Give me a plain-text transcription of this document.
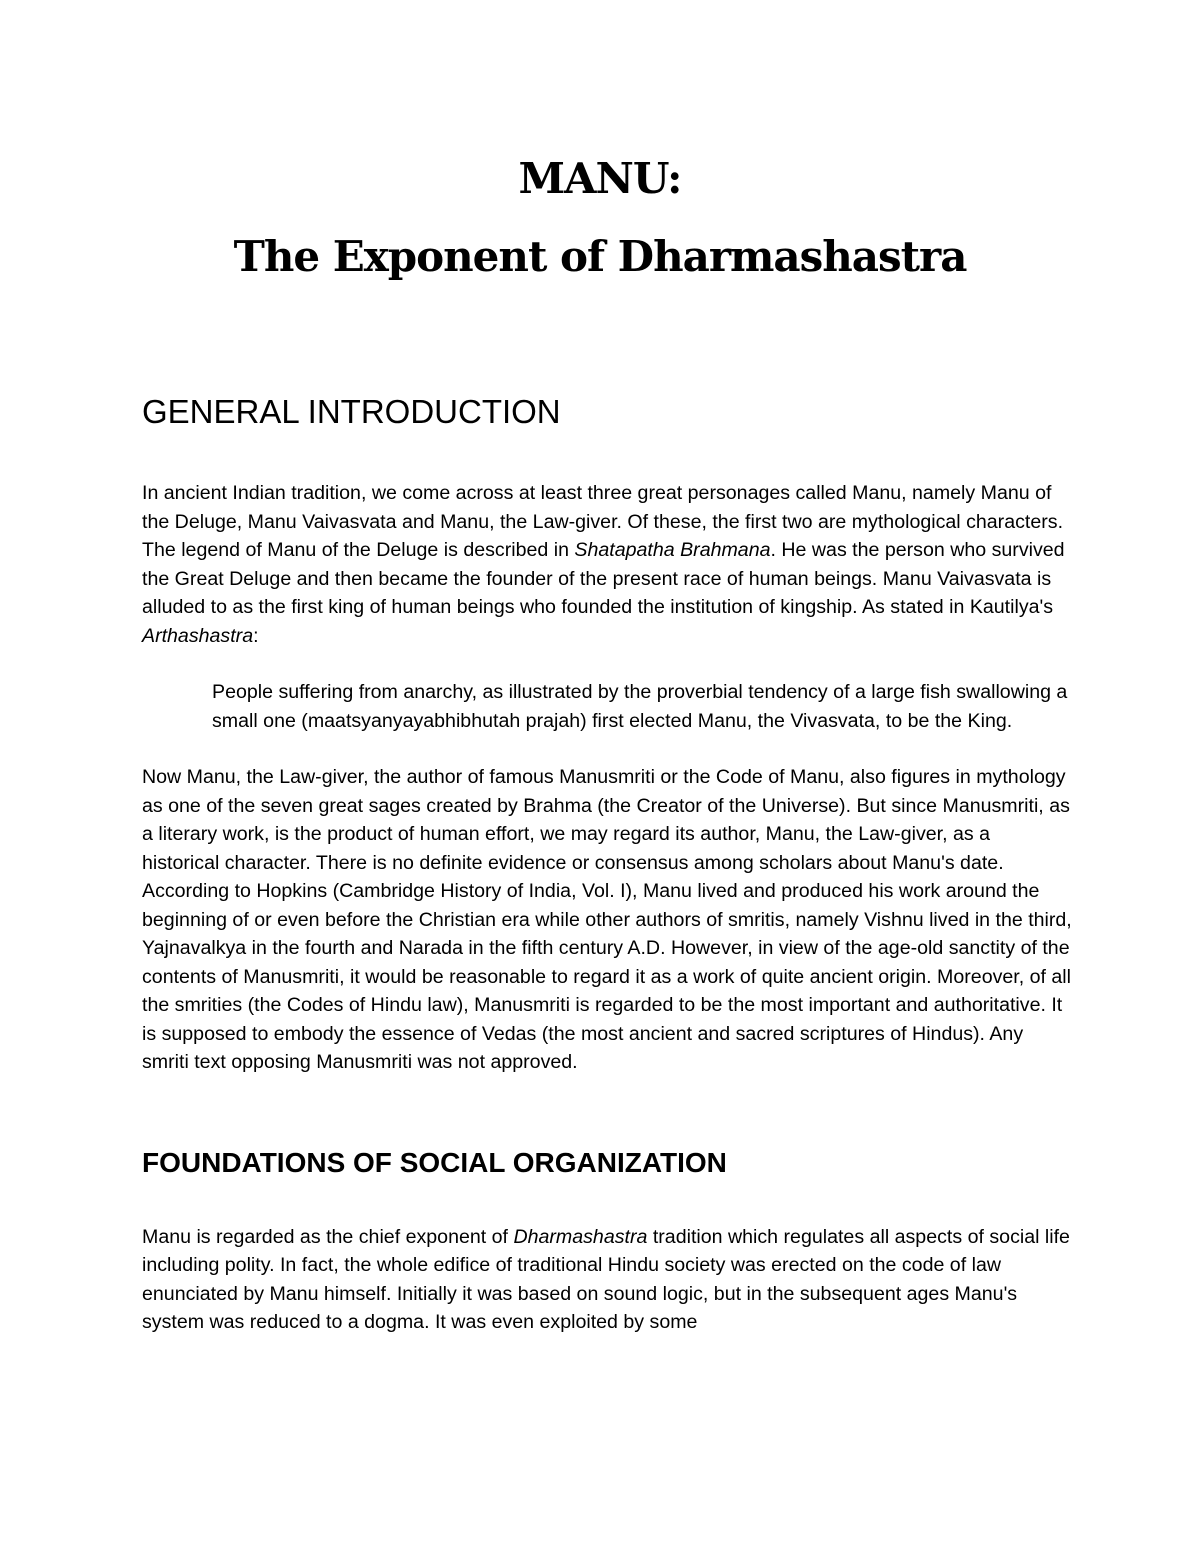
MANU:
The Exponent of Dharmashastra
GENERAL INTRODUCTION

In ancient Indian tradition, we come across at least three great personages called Manu, namely Manu of the Deluge, Manu Vaivasvata and Manu, the Law-giver. Of these, the first two are mythological characters. The legend of Manu of the Deluge is described in Shatapatha Brahmana. He was the person who survived the Great Deluge and then became the founder of the present race of human beings. Manu Vaivasvata is alluded to as the first king of human beings who founded the institution of kingship. As stated in Kautilya's Arthashastra:

People suffering from anarchy, as illustrated by the proverbial tendency of a large fish swallowing a small one (maatsyanyayabhibhutah prajah) first elected Manu, the Vivasvata, to be the King.

Now Manu, the Law-giver, the author of famous Manusmriti or the Code of Manu, also figures in mythology as one of the seven great sages created by Brahma (the Creator of the Universe). But since Manusmriti, as a literary work, is the product of human effort, we may regard its author, Manu, the Law-giver, as a historical character. There is no definite evidence or consensus among scholars about Manu's date. According to Hopkins (Cambridge History of India, Vol. I), Manu lived and produced his work around the beginning of or even before the Christian era while other authors of smritis, namely Vishnu lived in the third, Yajnavalkya in the fourth and Narada in the fifth century A.D. However, in view of the age-old sanctity of the contents of Manusmriti, it would be reasonable to regard it as a work of quite ancient origin. Moreover, of all the smrities (the Codes of Hindu law), Manusmriti is regarded to be the most important and authoritative. It is supposed to embody the essence of Vedas (the most ancient and sacred scriptures of Hindus). Any smriti text opposing Manusmriti was not approved.

FOUNDATIONS OF SOCIAL ORGANIZATION

Manu is regarded as the chief exponent of Dharmashastra tradition which regulates all aspects of social life including polity. In fact, the whole edifice of traditional Hindu society was erected on the code of law enunciated by Manu himself. Initially it was based on sound logic, but in the subsequent ages Manu's system was reduced to a dogma. It was even exploited by some
